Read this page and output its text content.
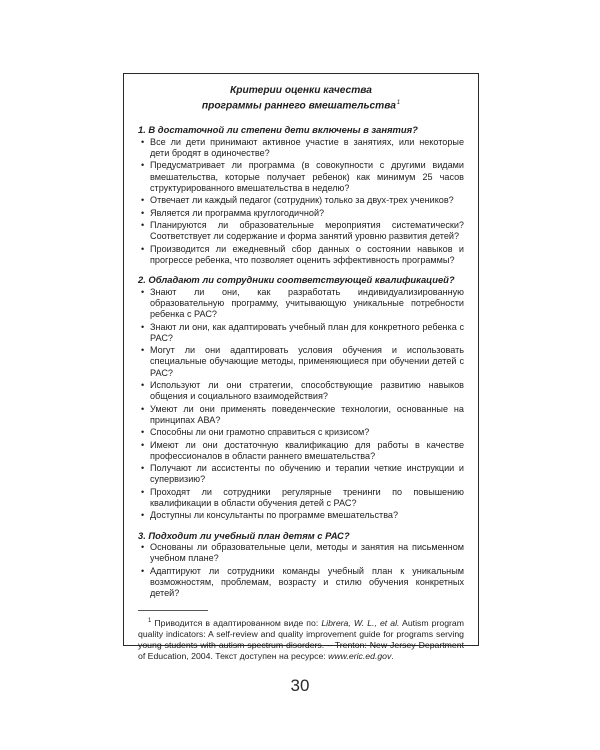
Критерии оценки качества
программы раннего вмешательства $^1$
1. В достаточной ли степени дети включены в занятия?
• Все ли дети принимают активное участие в занятиях, или некоторые дети бродят в одиночестве?
• Предусматривает ли программа (в совокупности с другими видами вмешательства, которые получает ребенок) как минимум 25 часов структурированного вмешательства в неделю?
• Отвечает ли каждый педагог (сотрудник) только за двух-трех учеников?
• Является ли программа круглогодичной?
• Планируются ли образовательные мероприятия систематически? Соответствует ли содержание и форма занятий уровню развития детей?
• Производится ли ежедневный сбор данных о состоянии навыков и прогрессе ребенка, что позволяет оценить эффективность программы?
2. Обладают ли сотрудники соответствующей квалификацией?
• Знают ли они, как разработать индивидуализированную образовательную программу, учитывающую уникальные потребности ребенка с РАС?
• Знают ли они, как адаптировать учебный план для конкретного ребенка с РАС?
• Могут ли они адаптировать условия обучения и использовать специальные обучающие методы, применяющиеся при обучении детей с РАС?
• Используют ли они стратегии, способствующие развитию навыков общения и социального взаимодействия?
• Умеют ли они применять поведенческие технологии, основанные на принципах АВА?
• Способны ли они грамотно справиться с кризисом?
• Имеют ли они достаточную квалификацию для работы в качестве профессионалов в области раннего вмешательства?
• Получают ли ассистенты по обучению и терапии четкие инструкции и супервизию?
• Проходят ли сотрудники регулярные тренинги по повышению квалификации в области обучения детей с РАС?
• Доступны ли консультанты по программе вмешательства?
3. Подходит ли учебный план детям с РАС?
• Основаны ли образовательные цели, методы и занятия на письменном учебном плане?
• Адаптируют ли сотрудники команды учебный план к уникальным возможностям, проблемам, возрасту и стилю обучения конкретных детей?
$^1$ Приводится в адаптированном виде по: Librera, W. L., et al. Autism program quality indicators: A self-review and quality improvement guide for programs serving young students with autism spectrum disorders. – Trenton: New Jersey Department of Education, 2004. Текст доступен на ресурсе: www.eric.ed.gov.
30
